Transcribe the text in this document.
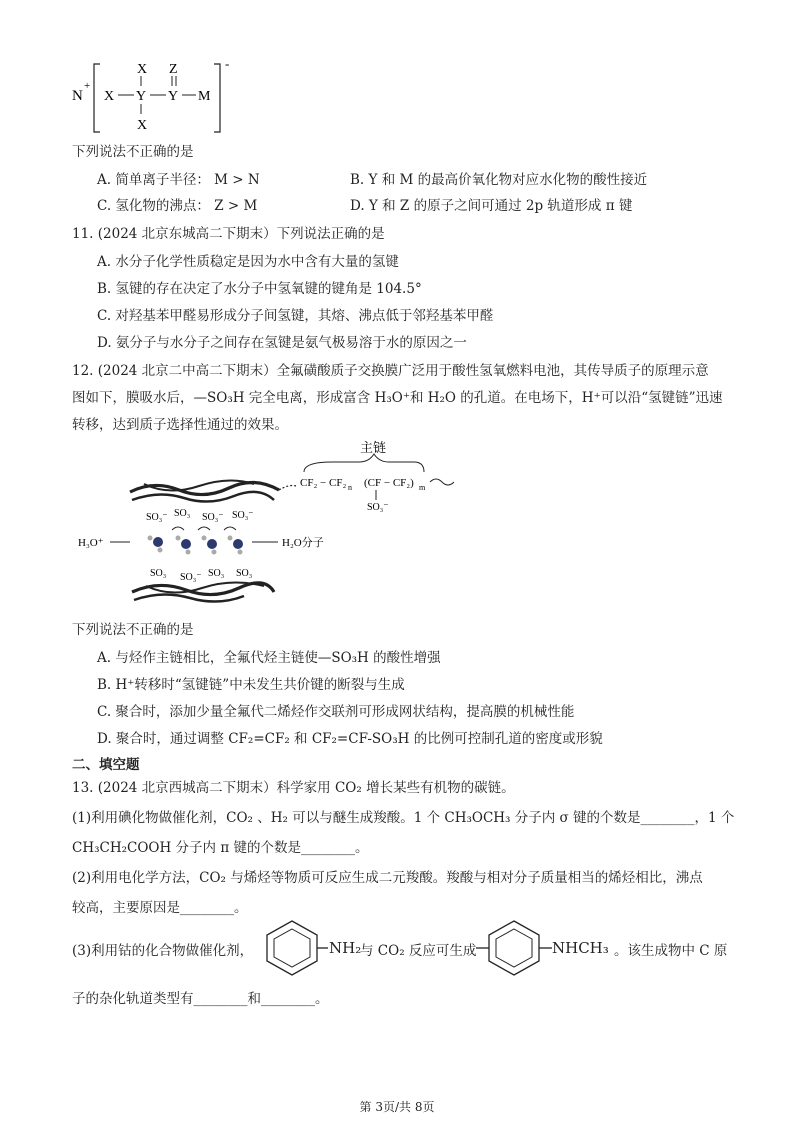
N
+
X Y
X
X
Y
Z
M
-
下列说法不正确的是
A. 简单离子半径： M > N	B. Y 和 M 的最高价氧化物对应水化物的酸性接近
C. 氢化物的沸点： Z > M	D. Y 和 Z 的原子之间可通过 2p 轨道形成 π 键
11. (2024 北京东城高二下期末）下列说法正确的是
A. 水分子化学性质稳定是因为水中含有大量的氢键
B. 氢键的存在决定了水分子中氢氧键的键角是 104.5°
C. 对羟基苯甲醛易形成分子间氢键，其熔、沸点低于邻羟基苯甲醛
D. 氨分子与水分子之间存在氢键是氨气极易溶于水的原因之一
12. (2024 北京二中高二下期末）全氟磺酸质子交换膜广泛用于酸性氢氧燃料电池，其传导质子的原理示意
图如下，膜吸水后，—SO₃H 完全电离，形成富含 H₃O⁺和 H₂O 的孔道。在电场下，H⁺可以沿“氢键链”迅速
转移，达到质子选择性通过的效果。
主链
CF₂ − CF₂ n (CF − CF₂) m
SO₃⁻
SO₃⁻ SO₃ SO₃⁻ SO₃⁻
H₃O⁺	H₂O分子
SO₃ SO₃⁻ SO₃ SO₃
下列说法不正确的是
A. 与烃作主链相比，全氟代烃主链使—SO₃H 的酸性增强
B. H⁺转移时“氢键链”中未发生共价键的断裂与生成
C. 聚合时，添加少量全氟代二烯烃作交联剂可形成网状结构，提高膜的机械性能
D. 聚合时，通过调整 CF₂=CF₂ 和 CF₂=CF-SO₃H 的比例可控制孔道的密度或形貌
二、填空题
13. (2024 北京西城高二下期末）科学家用 CO₂ 增长某些有机物的碳链。
(1)利用碘化物做催化剂，CO₂ 、H₂ 可以与醚生成羧酸。1 个 CH₃OCH₃ 分子内 σ 键的个数是________，1 个
CH₃CH₂COOH 分子内 π 键的个数是________。
(2)利用电化学方法，CO₂ 与烯烃等物质可反应生成二元羧酸。羧酸与相对分子质量相当的烯烃相比，沸点
较高，主要原因是________。
(3)利用钴的化合物做催化剂，	NH₂
与 CO₂ 反应可生成	NHCH₃ 。该生成物中 C 原
子的杂化轨道类型有________和________。
第 3页/共 8页
